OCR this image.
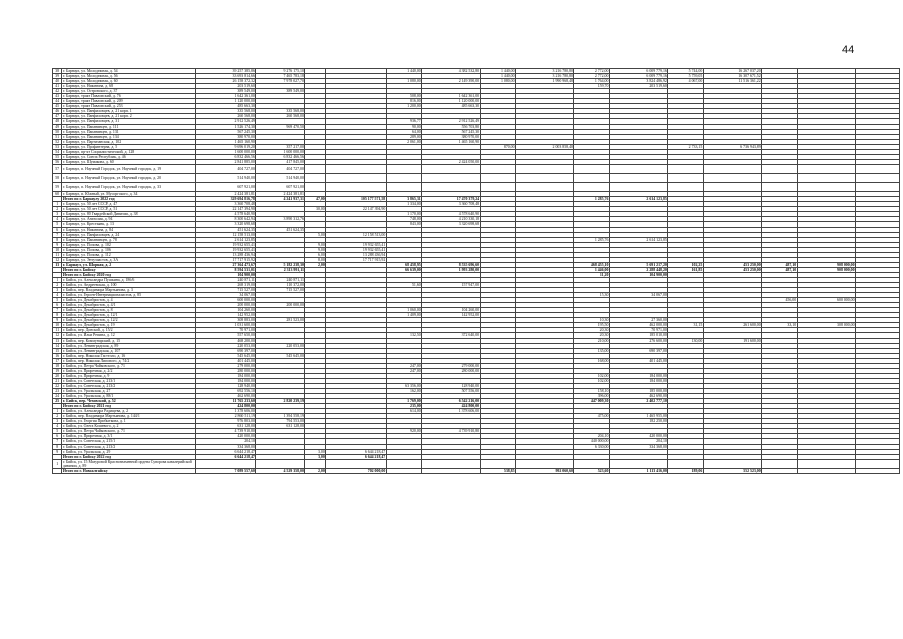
44
38	г. Барнаул, ул. Молодежная, д. 54	39 257 385,86	9 276 175,10			1 440,00	4 382 532,80	1 440,00	3 216 780,80	2 772,00	6 009 779,16	5 744,00	16 267 037,20			
39	г. Барнаул, ул. Молодежная, д. 56	33 693 814,66	7 465 783,18					1 440,00	3 216 780,80	2 772,00	6 009 779,16	5 759,05	16 307 671,52			
40	г. Барнаул, ул. Молодежная, д. 60	26 158 372,32	7 978 027,70			1 080,00	2 149 390,00	1 080,00	1 990 968,48	1 764,00	3 824 486,92	4 067,00	11 516 361,22			
41	г. Барнаул, ул. Никитина, д. 68	203 519,60								159,70	203 519,60					
42	г. Барнаул, ул. Островского, д. 37	389 549,00	389 549,00													
43	г. Барнаул, тракт Павловский, д. 76	1 642 361,00				508,00	1 642 361,00									
44	г. Барнаул, тракт Павловский, д. 209	1 120 000,00				816,00	1 120 000,00									
45	г. Барнаул, тракт Павловский, д. 253	485 663,30				1 200,00	485 663,30									
46	г. Барнаул, ул. Панфиловцев, д. 21 корп. 1	335 568,00	335 568,00													
47	г. Барнаул, ул. Панфиловцев, д. 21 корп. 2	260 568,00	260 568,00													
48	г. Барнаул, ул. Панфиловцев, д. 31	2 912 526,49				936,77	2 912 526,49									
49	г. Барнаул, ул. Папанинцев, д. 111	1 526 174,30	969 470,50			90,00	556 703,80									
50	г. Барнаул, ул. Папанинцев, д. 131	567 245,30				64,00	567 245,30									
51	г. Барнаул, ул. Папанинцев, д. 134	380 970,00				289,00	380 970,00									
52	г. Барнаул, ул. Партизанская, д. 102	1 465 160,90				2 061,00	1 465 160,90									
53	г. Барнаул, ул. Профинтерна, д. 5	9 696 019,20	357 217,00					870,00	2 003 858,40			2 733,15	6 736 943,89			
54	г. Барнаул, пр-кт Социалистический, д. 128	1 600 000,00	1 600 000,00													
55	г. Барнаул, ул. Союза Республик, д. 46	6 832 466,56	6 832 466,56													
56	г. Барнаул, ул. Шумакова, д. 60	2 841 885,00	417 845,00				2 424 050,00									
57	г. Барнаул, п. Научный Городок, ул. Научный городок, д. 19	404 727,00	404 727,00													
58	г. Барнаул, п. Научный Городок, ул. Научный городок, д. 20	514 940,00	514 940,00													
59	г. Барнаул, п. Научный Городок, ул. Научный городок, д. 33	607 921,00	607 921,00													
60	г. Барнаул, п. Южный, ул. Мусоргского, д. 34	2 424 381,81	2 424 381,81													
	Итого по г. Барнаулу 2022 год	329 694 816,78	4 241 937,31	47,00	105 177 571,58	3 865,31	17 470 379,24			1 285,76	2 614 123,85					
1	г. Барнаул, ул. 50 лет СССР, д. 47	3 360 708,48				1 334,00	3 360 708,48									
2	г. Барнаул, ул. 50 лет СССР, д. 51	22 147 394,90		30,00	22 147 394,90											
3	г. Барнаул, ул. 80 Гвардейской Дивизии, д. 38	4 578 640,90				1 170,00	4 578 640,90									
4	г. Барнаул, ул. Анатолия, д. 94	8 300 642,94	3 890 312,76			748,00	4 210 330,18									
5	г. Барнаул, ул. Крестьянк, д. 13	3 320 698,68				843,00	3 320 698,68									
6	г. Барнаул, ул. Никитина, д. 84	451 624,35	451 624,35													
7	г. Барнаул, ул. Панфиловцев, д. 24	12 158 513,00		5,00	12 158 513,00											
8	г. Барнаул, ул. Папанинцев, д. 78	2 614 123,85								1 285,76	2 614 123,85					
9	г. Барнаул, ул. Попова, д. 102	19 932 655,41		9,00	19 932 655,41											
10	г. Барнаул, ул. Попова, д. 106	19 932 655,41		9,00	19 932 655,41											
11	г. Барнаул, ул. Попова, д. 112	13 288 436,94		6,00	13 288 436,94											
12	г. Барнаул, ул. Энтузиастов, д. 3А	17 717 915,92		8,00	17 717 915,92											
13	г. Барнаул, ул. Шорная, д. 2	27 364 473,67	5 182 238,30	2,00		68 458,95	8 535 696,60			468 455,10	5 691 217,20	102,25	453 250,00	487,10	908 000,00	
	Итого по г. Бийску	8 594 531,01	2 313 991,11			66 639,00	1 993 280,00			1 446,00	2 288 448,20	161,85	453 250,00	487,10	908 000,00	
	Итого по г. Бийску 2020 год	104 900,00								11,20	104 900,00					
1	г. Бийск, ул. Александра Пушкина, д. 186/6	240 871,11	240 871,11													
2	г. Бийск, ул. Андреевская, д. 100	268 319,00	110 372,00			51,60	157 947,00									
3	г. Бийск, пер. Владимира Мартьянова, д. 3	715 527,00	715 527,00													
4	г. Бийск, ул. Героев-Интернационалистов, д. 85	34 067,00								15,30	34 067,00					
5	г. Бийск, ул. Декабристов, д. 4	600 000,00												456,00	600 000,00	
6	г. Бийск, ул. Декабристов, д. 4/1	200 000,00	200 000,00													
7	г. Бийск, ул. Декабристов, д. 8	104 260,00				1 060,00	104 260,00									
8	г. Бийск, ул. Декабристов, д. 12/1	142 952,00				1 409,00	142 952,00									
9	г. Бийск, ул. Декабристов, д. 12/2	308 883,00	281 523,00							10,30	27 360,00					
10	г. Бийск, ул. Декабристов, д. 19	1 031 600,00								195,50	462 000,00	31,15	261 600,00	33,10	308 000,00	
11	г. Бийск, пер. Донской, д. 15/2	70 971,00								20,30	70 971,00					
12	г. Бийск, ул. Ильи Репина, д. 12	557 650,00				132,50	372 640,00			20,30	185 010,00					
13	г. Бийск, пер. Коммунарский, д. 15	468 200,00								210,00	276 600,00	130,00	191 600,00			
14	г. Бийск, ул. Ленинградская, д. 89	220 053,00	220 053,00													
15	г. Бийск, ул. Ленинградская, д. 107	690 397,00								135,00	690 397,00					
16	г. Бийск, пер. Николая Гастелло, д. 16	545 645,00	545 645,00													
17	г. Бийск, пер. Николая Липового, д. 74/2	401 445,00								168,00	401 445,00					
18	г. Бийск, ул. Петра Чайковского, д. 71	279 000,00				247,00	279 000,00									
19	г. Бийск, ул. Приречная, д. 2/2	280 000,00				247,00	280 000,00									
20	г. Бийск, ул. Приречная, д. 9	184 000,00								102,00	184 000,00					
21	г. Бийск, ул. Советская, д. 213/1	184 000,00								102,00	184 000,00					
22	г. Бийск, ул. Советская, д. 213/2	128 940,00				63 356,00	128 940,00									
23	г. Бийск, ул. Уральская, д. 27	692 556,10				162,00	507 556,00			158,10	185 000,00					
24	г. Бийск, ул. Уральская, д. 88/1	462 690,00								396,00	462 690,00					
25	г. Бийск, пер. Чеховский, д. 52	11 765 233,60	2 820 239,19			1 769,00	6 542 216,00			447 009,30	2 402 777,10					
	Итого по г. Бийску 2021 год	424 800,00				235,00	424 800,00									
1	г. Бийск, ул. Александра Радищева, д. 2	1 378 606,00				614,00	1 378 606,00									
2	г. Бийск, пер. Владимира Мартьянова, д. 144/1	2 860 511,19	1 394 558,19							475,00	1 465 955,00					
3	г. Бийск, ул. Георгия Прибытковa, д. 1	976 803,00	794 553,00								182 250,00					
4	г. Бийск, ул. Олега Кошевого, д. 2	631 128,00	631 128,00													
5	г. Бийск, ул. Петра Чайковского, д. 71	4 739 910,80				920,00	4 739 910,80									
6	г. Бийск, ул. Приречная, д. 3/1	420 000,00								204,10	420 000,00					
7	г. Бийск, ул. Советская, д. 215/1	204,10								440 000,00	204,10					
8	г. Бийск, ул. Советская, д. 213/2	334 368,00								6 330,00	334 368,00					
9	г. Бийск, ул. Уральская, д. 29	6 644 218,47		3,00	6 644 218,47											
	Итого по г. Бийску 2022 год	6 644 218,47		3,00	6 644 218,47											
1	г. Бийск, ул. 15 Мазуровой Краснознаменной ордена Суворова кавалерийской дивизии, д. 89															
	Итого по г. Новоалтайску	7 089 557,60	4 529 358,00	2,00	702 000,00			538,85	992 060,60	523,60	1 113 416,00	189,06	552 523,00			
